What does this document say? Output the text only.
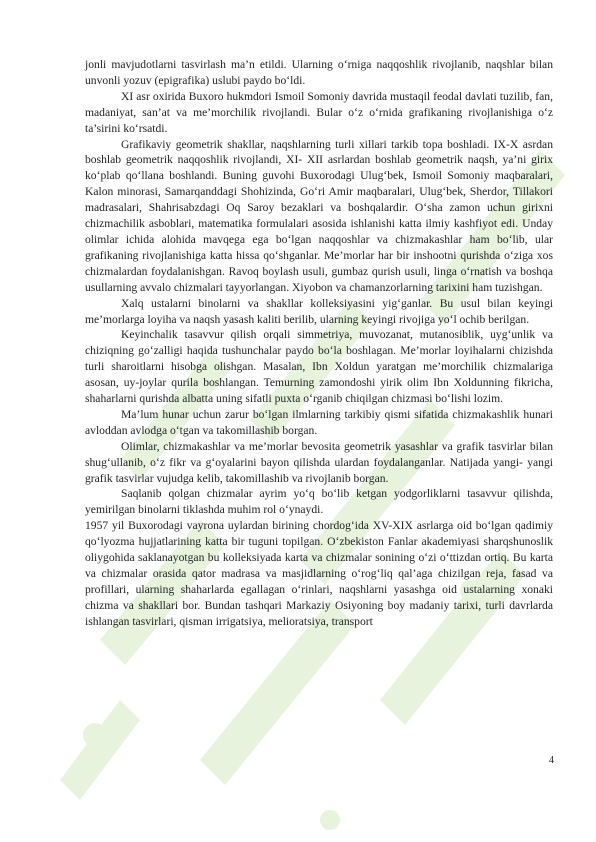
jonli mavjudotlarni tasvirlash ma’n etildi. Ularning o‘rniga naqqoshlik rivojlanib, naqshlar bilan unvonli yozuv (epigrafika) uslubi paydo bo‘ldi.

XI asr oxirida Buxoro hukmdori Ismoil Somoniy davrida mustaqil feodal davlati tuzilib, fan, madaniyat, san’at va me’morchilik rivojlandi. Bular o‘z o‘rnida grafikaning rivojlanishiga o‘z ta’sirini ko‘rsatdi.

Grafikaviy geometrik shakllar, naqshlarning turli xillari tarkib topa boshladi. IX-X asrdan boshlab geometrik naqqoshlik rivojlandi, XI- XII asrlardan boshlab geometrik naqsh, ya’ni girix ko‘plab qo‘llana boshlandi. Buning guvohi Buxorodagi Ulug‘bek, Ismoil Somoniy maqbaralari, Kalon minorasi, Samarqanddagi Shohizinda, Go‘ri Amir maqbaralari, Ulug‘bek, Sherdor, Tillakori madrasalari, Shahrisabzdagi Oq Saroy bezaklari va boshqalardir. O‘sha zamon uchun girixni chizmachilik asboblari, matematika formulalari asosida ishlanishi katta ilmiy kashfiyot edi. Unday olimlar ichida alohida mavqega ega bo‘lgan naqqoshlar va chizmakashlar ham bo‘lib, ular grafikaning rivojlanishiga katta hissa qo‘shganlar. Me’morlar har bir inshootni qurishda o‘ziga xos chizmalardan foydalanishgan. Ravoq boylash usuli, gumbaz qurish usuli, linga o‘rnatish va boshqa usullarning avvalo chizmalari tayyorlangan. Xiyobon va chamanzorlarning tarixini ham tuzishgan.

Xalq ustalarni binolarni va shakllar kolleksiyasini yig‘ganlar. Bu usul bilan keyingi me’morlarga loyiha va naqsh yasash kaliti berilib, ularning keyingi rivojiga yo‘l ochib berilgan.

Keyinchalik tasavvur qilish orqali simmetriya, muvozanat, mutanosiblik, uyg‘unlik va chiziqning go‘zalligi haqida tushunchalar paydo bo‘la boshlagan. Me’morlar loyihalarni chizishda turli sharoitlarni hisobga olishgan. Masalan, Ibn Xoldun yaratgan me’morchilik chizmalariga asosan, uy-joylar qurila boshlangan. Temurning zamondoshi yirik olim Ibn Xoldunning fikricha, shaharlarni qurishda albatta uning sifatli puxta o‘rganib chiqilgan chizmasi bo‘lishi lozim.

Ma’lum hunar uchun zarur bo‘lgan ilmlarning tarkibiy qismi sifatida chizmakashlik hunari avloddan avlodga o‘tgan va takomillashib borgan.

Olimlar, chizmakashlar va me’morlar bevosita geometrik yasashlar va grafik tasvirlar bilan shug‘ullanib, o‘z fikr va g‘oyalarini bayon qilishda ulardan foydalanganlar. Natijada yangi- yangi grafik tasvirlar vujudga kelib, takomillashib va rivojlanib borgan.

Saqlanib qolgan chizmalar ayrim yo‘q bo‘lib ketgan yodgorliklarni tasavvur qilishda, yemirilgan binolarni tiklashda muhim rol o‘ynaydi.

1957 yil Buxorodagi vayrona uylardan birining chordog‘ida XV-XIX asrlarga oid bo‘lgan qadimiy qo‘lyozma hujjatlarining katta bir tuguni topilgan. O‘zbekiston Fanlar akademiyasi sharqshunoslik oliygohida saklanayotgan bu kolleksiyada karta va chizmalar sonining o‘zi o‘ttizdan ortiq. Bu karta va chizmalar orasida qator madrasa va masjidlarning o‘rog‘liq qal’aga chizilgan reja, fasad va profillari, ularning shaharlarda egallagan o‘rinlari, naqshlarni yasashga oid ustalarning xonaki chizma va shakllari bor. Bundan tashqari Markaziy Osiyoning boy madaniy tarixi, turli davrlarda ishlangan tasvirlari, qisman irrigatsiya, melioratsiya, transport

4
